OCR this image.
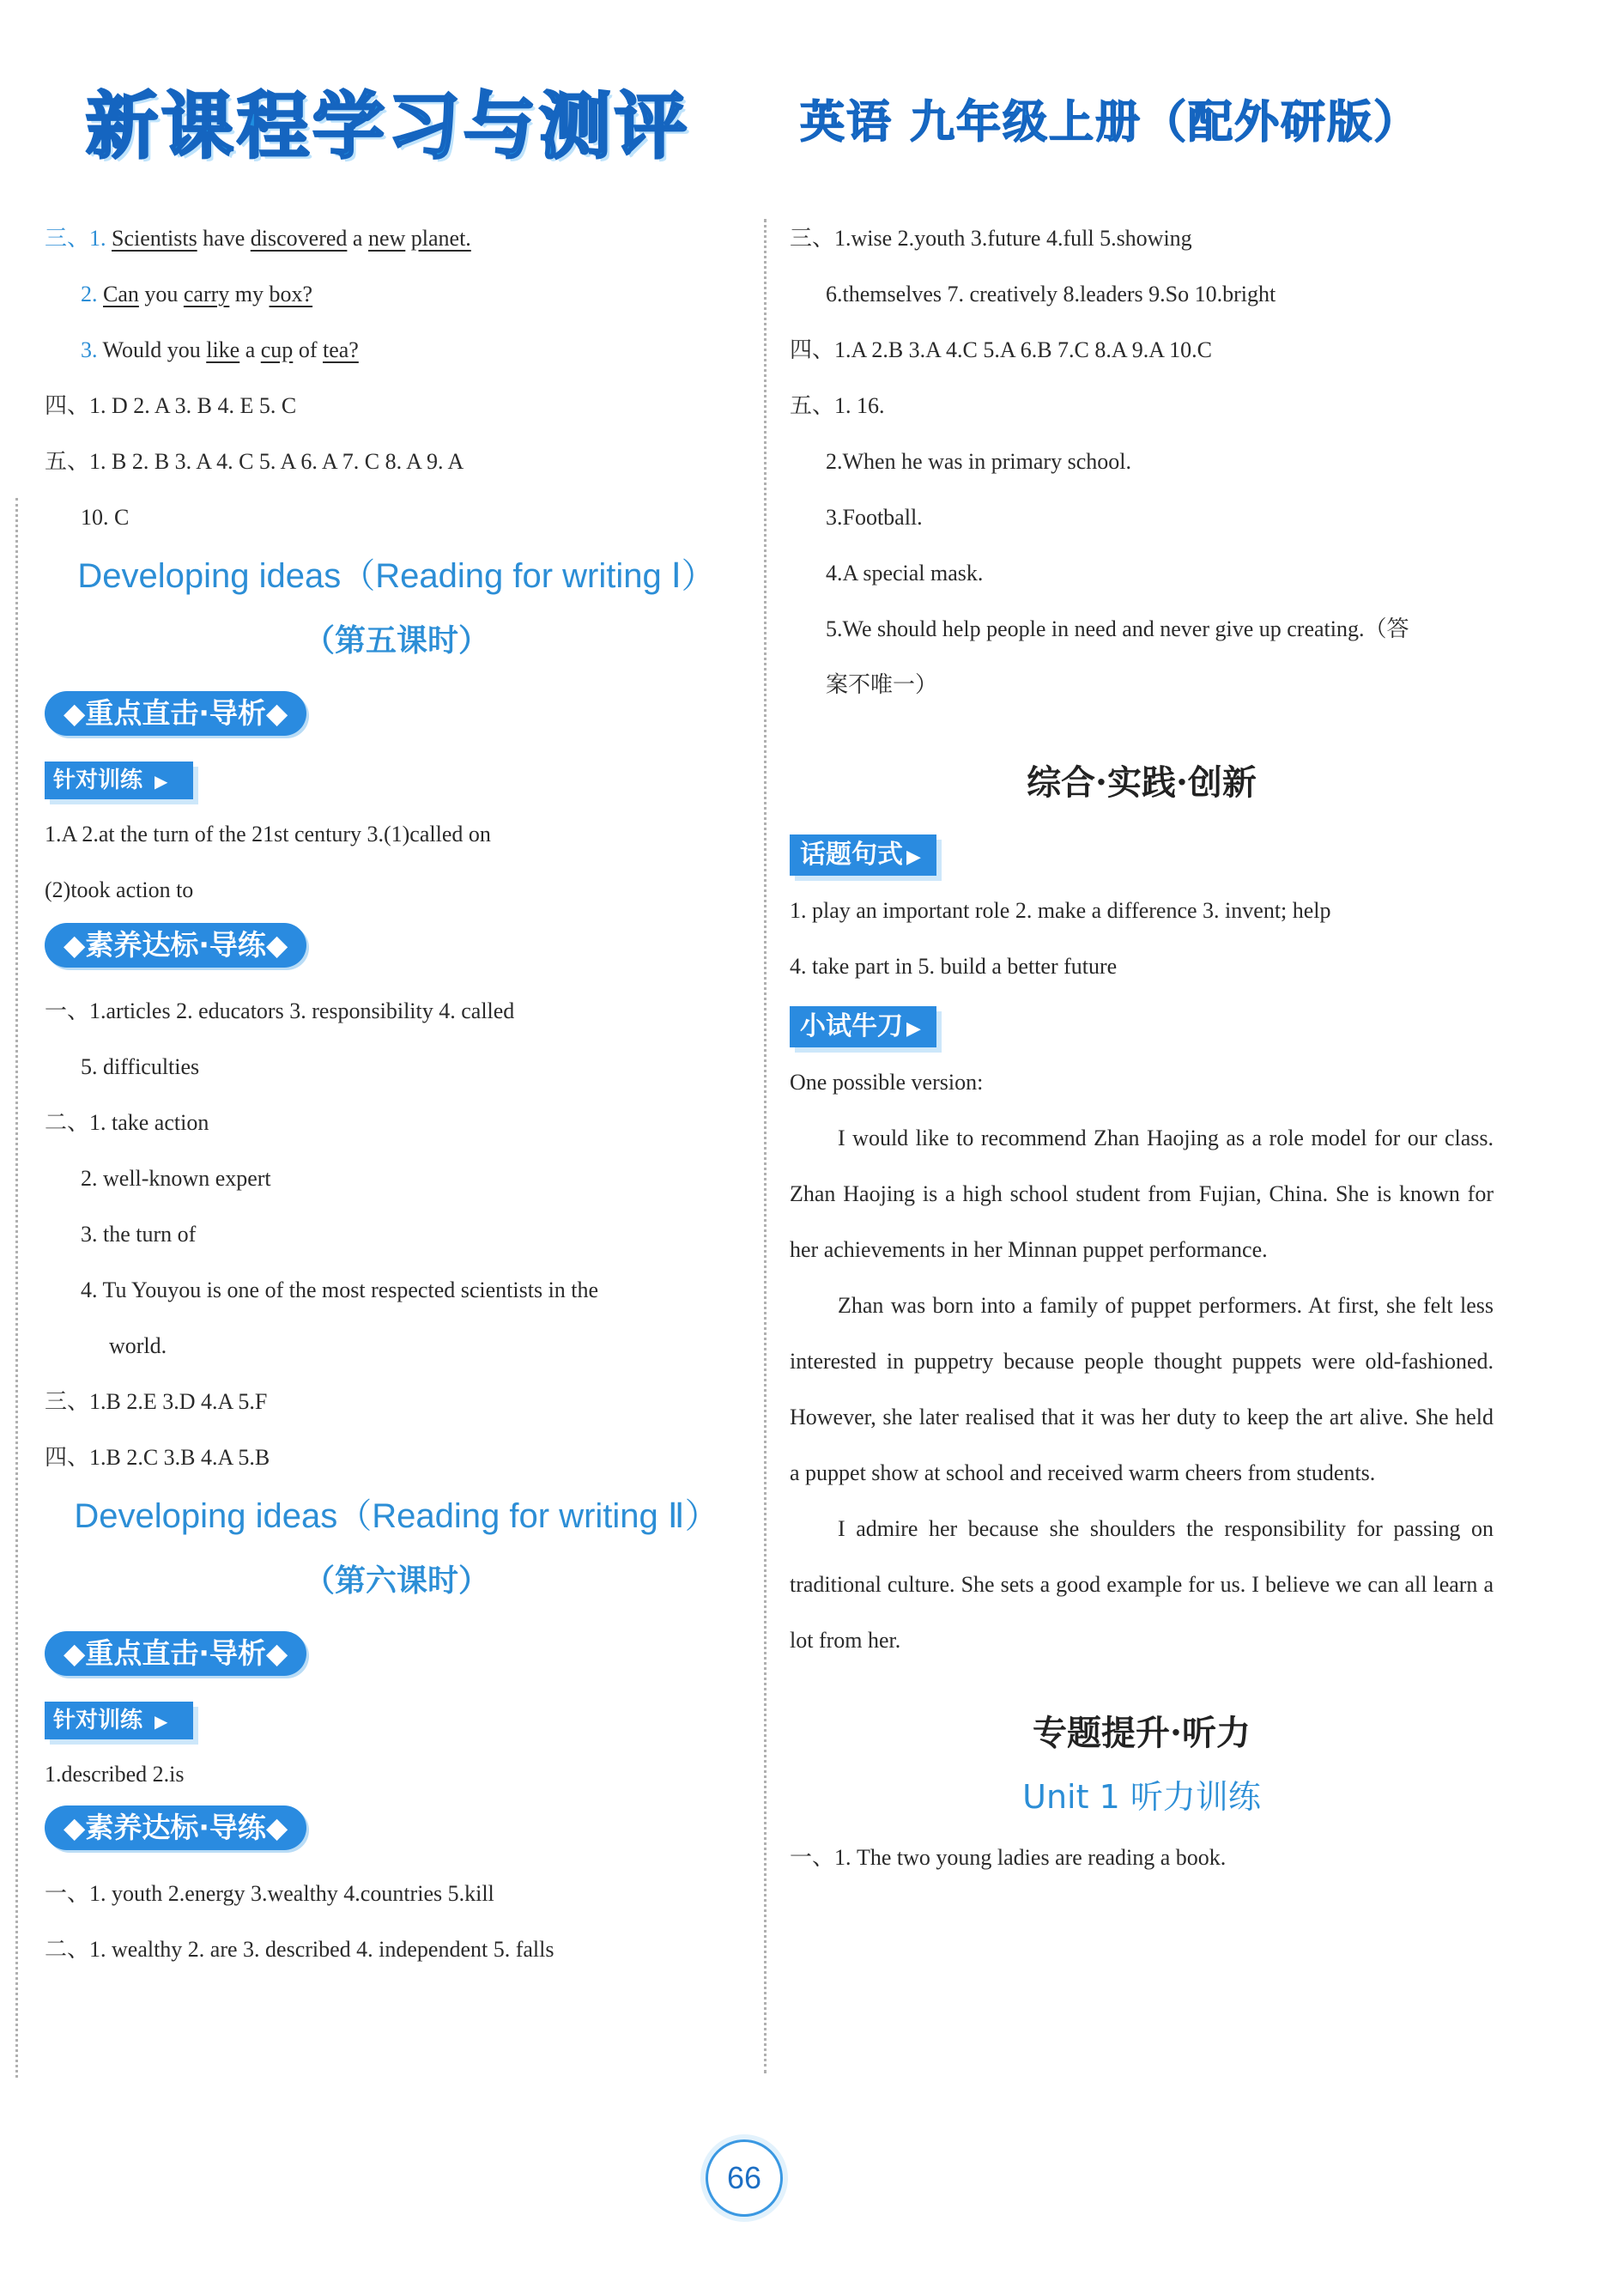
新课程学习与测评 英语 九年级上册（配外研版）
三、1. Scientists have discovered a new planet.
2. Can you carry my box?
3. Would you like a cup of tea?
四、1. D 2. A 3. B 4. E 5. C
五、1. B 2. B 3. A 4. C 5. A 6. A 7. C 8. A 9. A
10. C
Developing ideas（Reading for writing Ⅰ）
（第五课时）
◆重点直击·导析◆
针对训练 ▶
1.A 2.at the turn of the 21st century 3.(1)called on
(2)took action to
◆素养达标·导练◆
一、1.articles 2. educators 3. responsibility 4. called
5. difficulties
二、1. take action
2. well-known expert
3. the turn of
4. Tu Youyou is one of the most respected scientists in the
world.
三、1.B 2.E 3.D 4.A 5.F
四、1.B 2.C 3.B 4.A 5.B
Developing ideas（Reading for writing Ⅱ）
（第六课时）
◆重点直击·导析◆
针对训练 ▶
1.described 2.is
◆素养达标·导练◆
一、1. youth 2.energy 3.wealthy 4.countries 5.kill
二、1. wealthy 2. are 3. described 4. independent 5. falls
三、1.wise 2.youth 3.future 4.full 5.showing
6.themselves 7. creatively 8.leaders 9.So 10.bright
四、1.A 2.B 3.A 4.C 5.A 6.B 7.C 8.A 9.A 10.C
五、1. 16.
2.When he was in primary school.
3.Football.
4.A special mask.
5.We should help people in need and never give up creating.（答
案不唯一）
综合·实践·创新
话题句式 ▶
1. play an important role 2. make a difference 3. invent; help
4. take part in 5. build a better future
小试牛刀 ▶
One possible version:
I would like to recommend Zhan Haojing as a role model for our class. Zhan Haojing is a high school student from Fujian, China. She is known for her achievements in her Minnan puppet performance.
Zhan was born into a family of puppet performers. At first, she felt less interested in puppetry because people thought puppets were old-fashioned. However, she later realised that it was her duty to keep the art alive. She held a puppet show at school and received warm cheers from students.
I admire her because she shoulders the responsibility for passing on traditional culture. She sets a good example for us. I believe we can all learn a lot from her.
专题提升·听力
Unit 1 听力训练
一、1. The two young ladies are reading a book.
66
